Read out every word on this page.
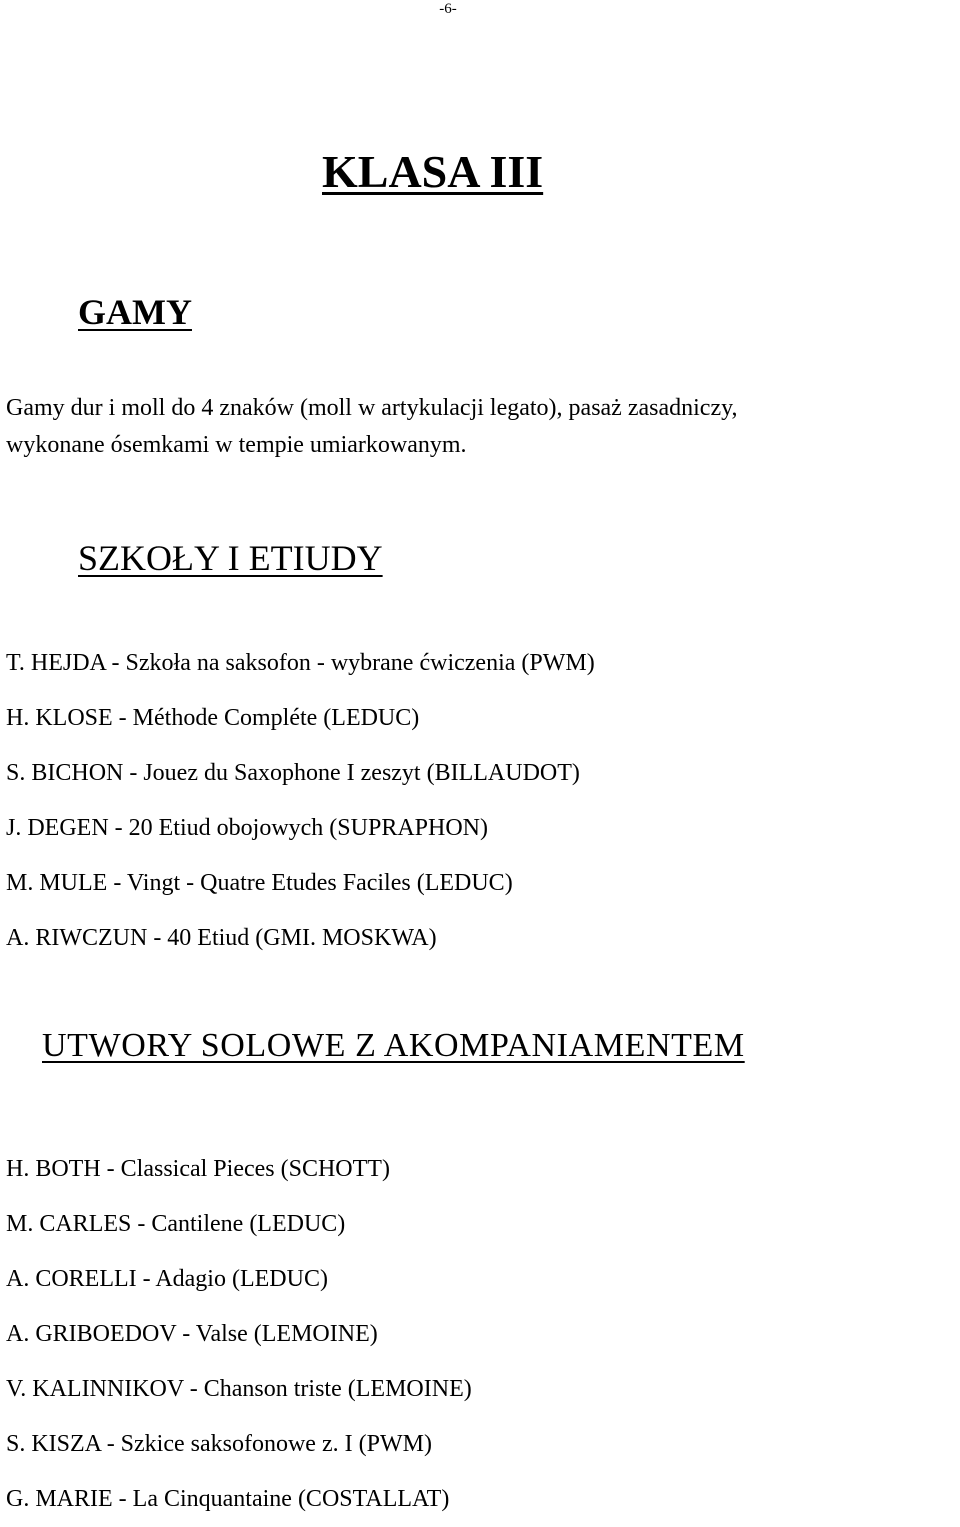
-6-
KLASA III
GAMY
Gamy dur i moll do 4 znaków (moll w artykulacji legato), pasaż zasadniczy,
wykonane ósemkami w tempie umiarkowanym.
SZKOŁY I ETIUDY
T. HEJDA - Szkoła na saksofon - wybrane ćwiczenia (PWM)
H. KLOSE - Méthode Compléte (LEDUC)
S. BICHON - Jouez du Saxophone I zeszyt (BILLAUDOT)
J. DEGEN - 20 Etiud obojowych (SUPRAPHON)
M. MULE - Vingt - Quatre Etudes Faciles (LEDUC)
A. RIWCZUN - 40 Etiud (GMI. MOSKWA)
UTWORY SOLOWE Z AKOMPANIAMENTEM
H. BOTH - Classical Pieces (SCHOTT)
M. CARLES - Cantilene (LEDUC)
A. CORELLI - Adagio (LEDUC)
A. GRIBOEDOV - Valse (LEMOINE)
V. KALINNIKOV - Chanson triste (LEMOINE)
S. KISZA - Szkice saksofonowe z. I (PWM)
G. MARIE - La Cinquantaine (COSTALLAT)
